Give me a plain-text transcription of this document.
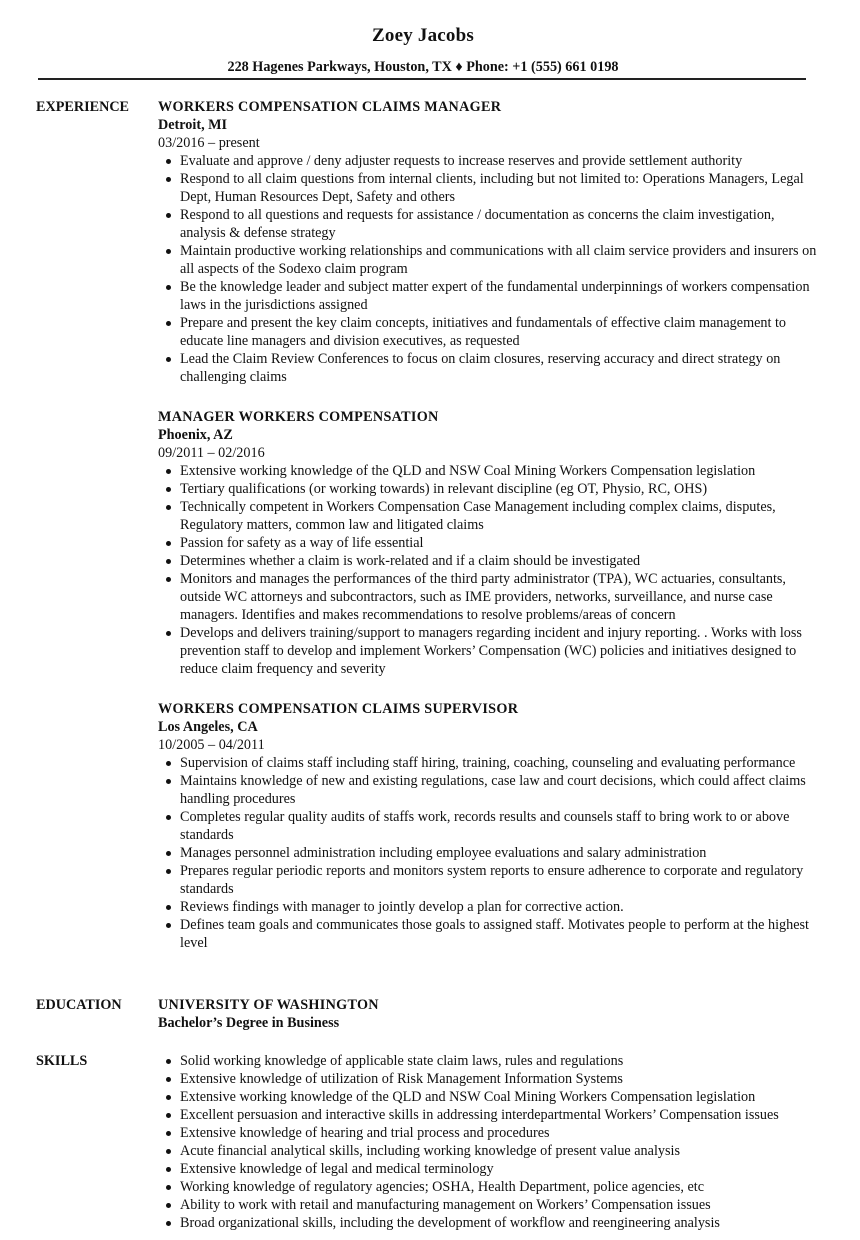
Zoey Jacobs
228 Hagenes Parkways, Houston, TX ♦ Phone: +1 (555) 661 0198
EXPERIENCE WORKERS COMPENSATION CLAIMS MANAGER
Detroit, MI
03/2016 – present
Evaluate and approve / deny adjuster requests to increase reserves and provide settlement authority
Respond to all claim questions from internal clients, including but not limited to: Operations Managers, Legal Dept, Human Resources Dept, Safety and others
Respond to all questions and requests for assistance / documentation as concerns the claim investigation, analysis & defense strategy
Maintain productive working relationships and communications with all claim service providers and insurers on all aspects of the Sodexo claim program
Be the knowledge leader and subject matter expert of the fundamental underpinnings of workers compensation laws in the jurisdictions assigned
Prepare and present the key claim concepts, initiatives and fundamentals of effective claim management to educate line managers and division executives, as requested
Lead the Claim Review Conferences to focus on claim closures, reserving accuracy and direct strategy on challenging claims
MANAGER WORKERS COMPENSATION
Phoenix, AZ
09/2011 – 02/2016
Extensive working knowledge of the QLD and NSW Coal Mining Workers Compensation legislation
Tertiary qualifications (or working towards) in relevant discipline (eg OT, Physio, RC, OHS)
Technically competent in Workers Compensation Case Management including complex claims, disputes, Regulatory matters, common law and litigated claims
Passion for safety as a way of life essential
Determines whether a claim is work-related and if a claim should be investigated
Monitors and manages the performances of the third party administrator (TPA), WC actuaries, consultants, outside WC attorneys and subcontractors, such as IME providers, networks, surveillance, and nurse case managers. Identifies and makes recommendations to resolve problems/areas of concern
Develops and delivers training/support to managers regarding incident and injury reporting. . Works with loss prevention staff to develop and implement Workers’ Compensation (WC) policies and initiatives designed to reduce claim frequency and severity
WORKERS COMPENSATION CLAIMS SUPERVISOR
Los Angeles, CA
10/2005 – 04/2011
Supervision of claims staff including staff hiring, training, coaching, counseling and evaluating performance
Maintains knowledge of new and existing regulations, case law and court decisions, which could affect claims handling procedures
Completes regular quality audits of staffs work, records results and counsels staff to bring work to or above standards
Manages personnel administration including employee evaluations and salary administration
Prepares regular periodic reports and monitors system reports to ensure adherence to corporate and regulatory standards
Reviews findings with manager to jointly develop a plan for corrective action.
Defines team goals and communicates those goals to assigned staff. Motivates people to perform at the highest level
EDUCATION	UNIVERSITY OF WASHINGTON
Bachelor’s Degree in Business
SKILLS	Solid working knowledge of applicable state claim laws, rules and regulations
Extensive knowledge of utilization of Risk Management Information Systems
Extensive working knowledge of the QLD and NSW Coal Mining Workers Compensation legislation
Excellent persuasion and interactive skills in addressing interdepartmental Workers’ Compensation issues
Extensive knowledge of hearing and trial process and procedures
Acute financial analytical skills, including working knowledge of present value analysis
Extensive knowledge of legal and medical terminology
Working knowledge of regulatory agencies; OSHA, Health Department, police agencies, etc
Ability to work with retail and manufacturing management on Workers’ Compensation issues
Broad organizational skills, including the development of workflow and reengineering analysis
